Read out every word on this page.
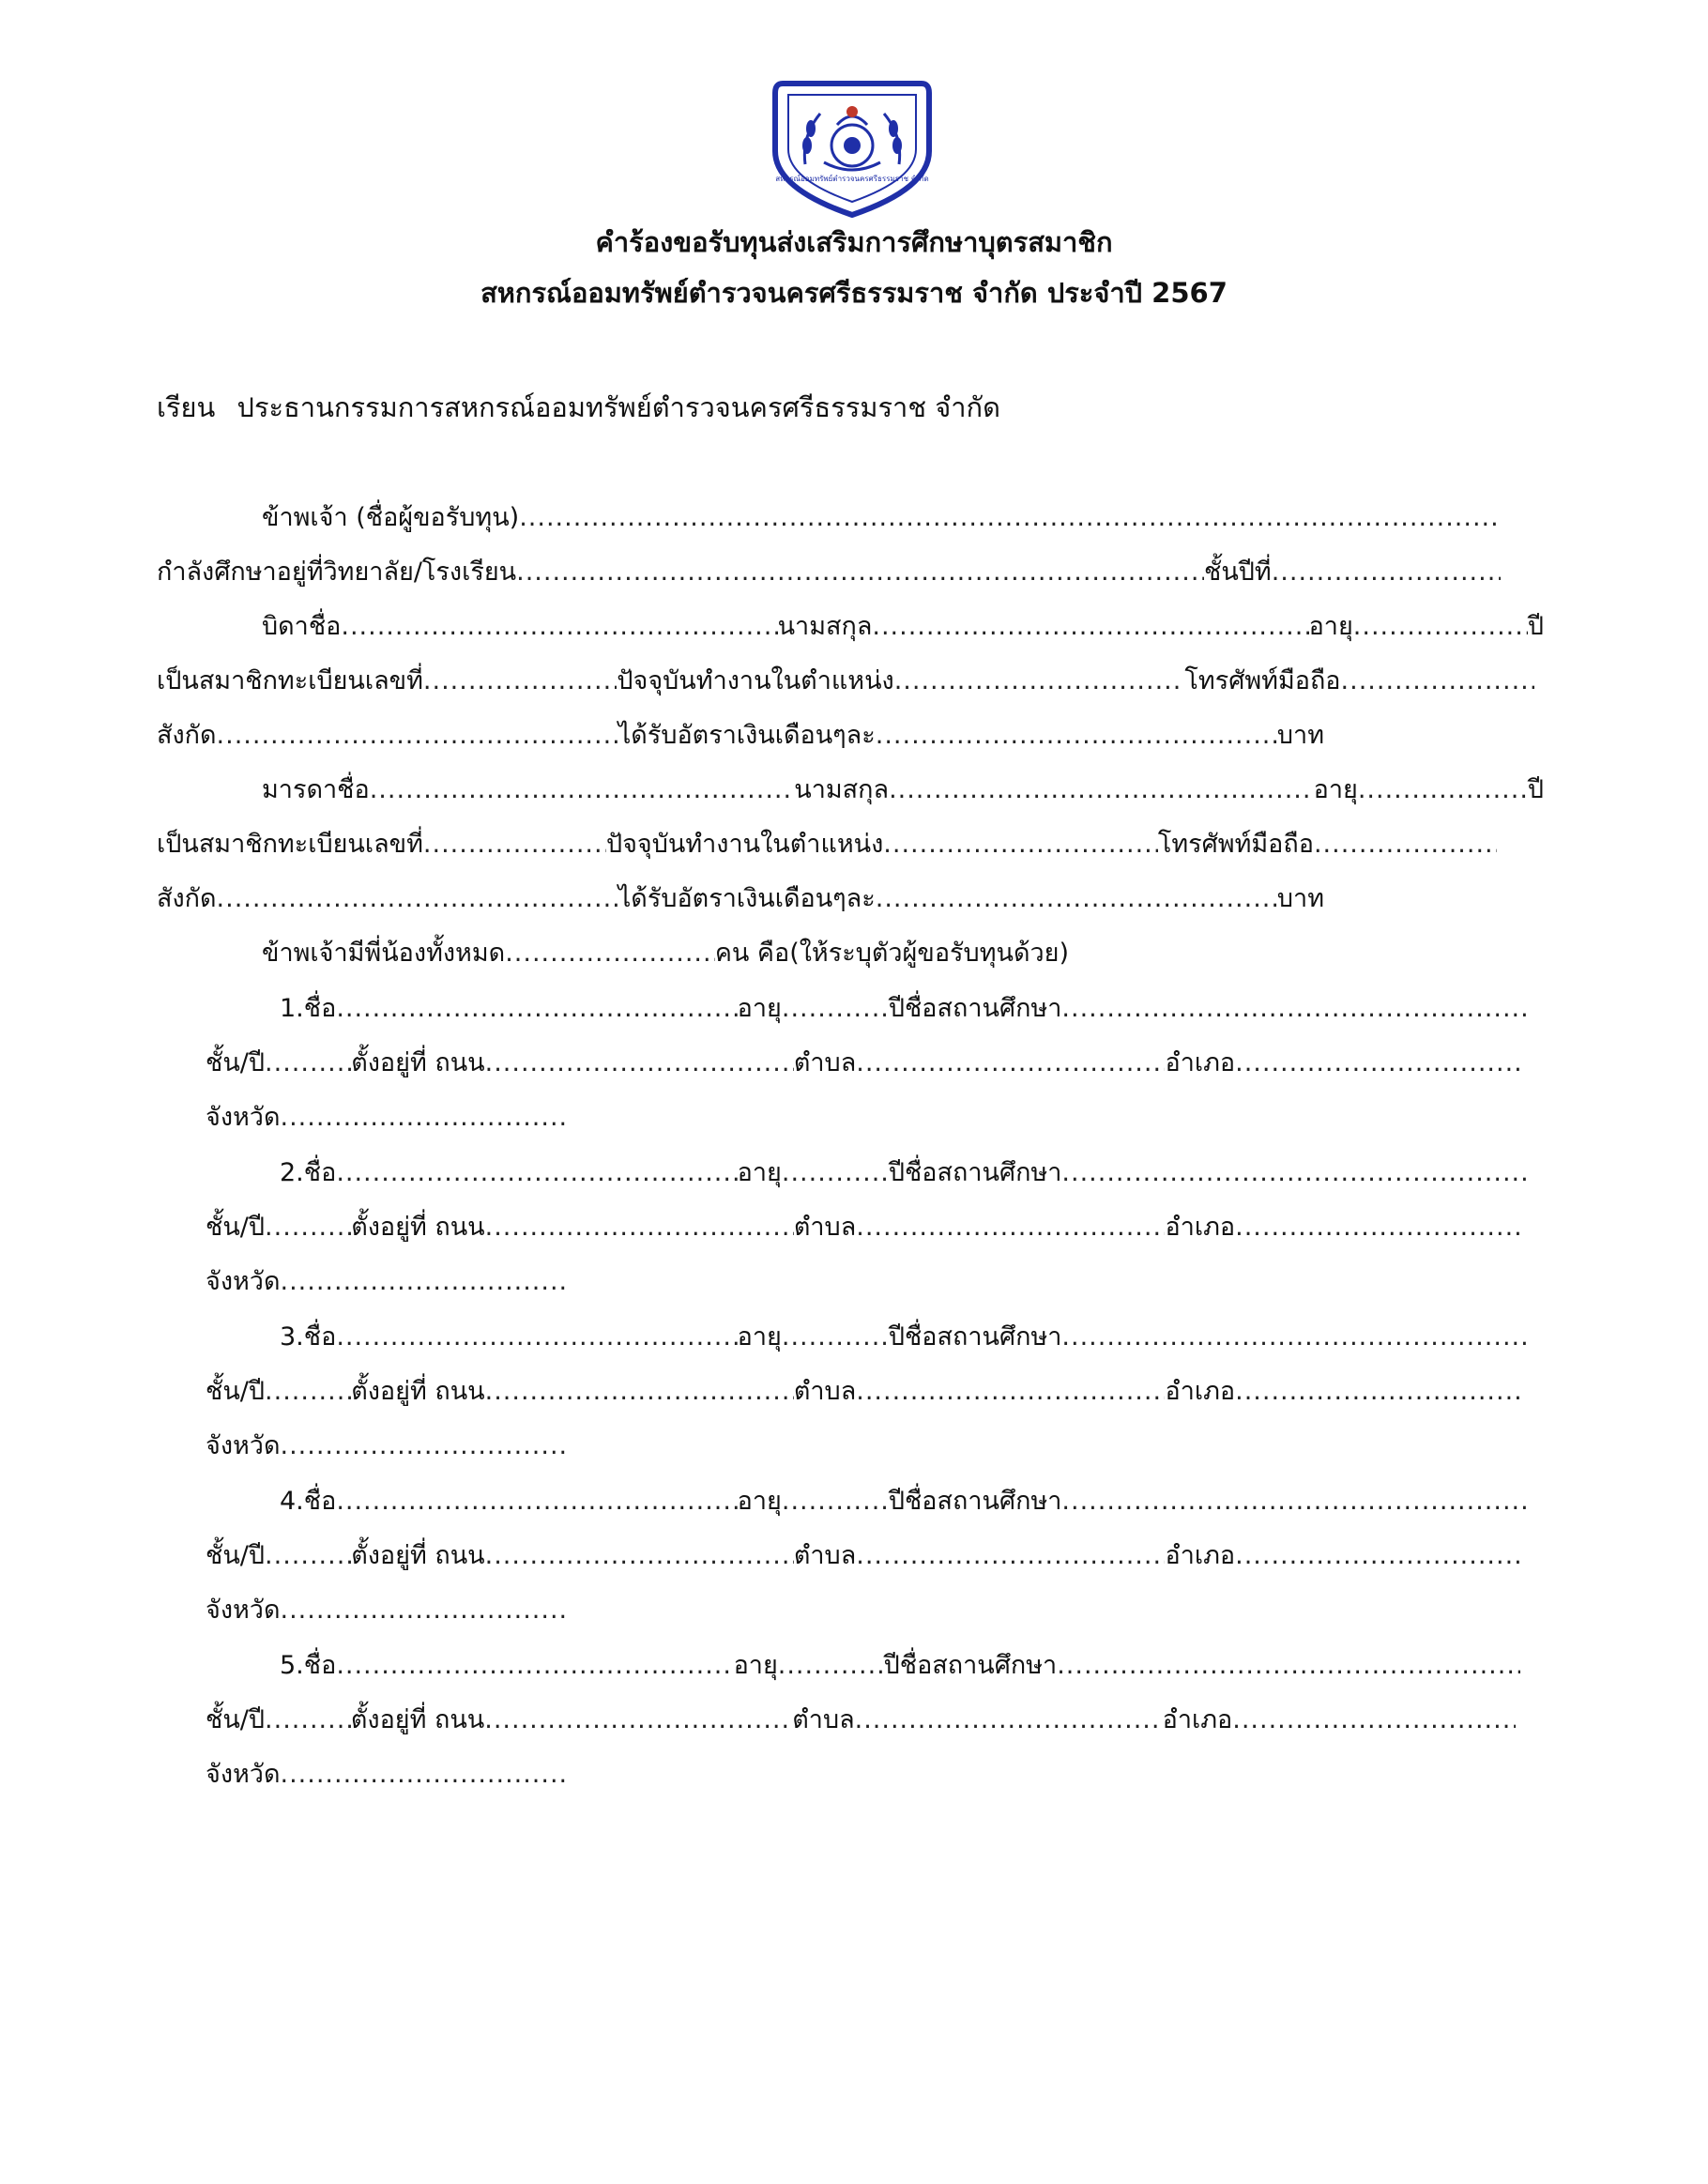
สหกรณ์ออมทรัพย์ตำรวจนครศรีธรรมราช จำกัด
คำร้องขอรับทุนส่งเสริมการศึกษาบุตรสมาชิก
สหกรณ์ออมทรัพย์ตำรวจนครศรีธรรมราช จำกัด ประจำปี 2567
เรียน ประธานกรรมการสหกรณ์ออมทรัพย์ตำรวจนครศรีธรรมราช จำกัด
ข้าพเจ้า (ชื่อผู้ขอรับทุน)
.....
กำลังศึกษาอยู่ที่วิทยาลัย/โรงเรียน .....	ชั้นปีที่
.....
บิดาชื่อ .....	นามสกุล .....	อายุ .....	ปี
เป็นสมาชิกทะเบียนเลขที่ .....	ปัจจุบันทำงานในตำแหน่ง .....	โทรศัพท์มือถือ
.....
สังกัด .....	ได้รับอัตราเงินเดือนๆละ .....	บาท
มารดาชื่อ .....	นามสกุล .....	อายุ .....	ปี
เป็นสมาชิกทะเบียนเลขที่ .....	ปัจจุบันทำงานในตำแหน่ง .....	โทรศัพท์มือถือ
.....
สังกัด .....	ได้รับอัตราเงินเดือนๆละ .....	บาท
ข้าพเจ้ามีพี่น้องทั้งหมด .....	คน คือ(ให้ระบุตัวผู้ขอรับทุนด้วย)
1.ชื่อ .....	อายุ .....	ปีชื่อสถานศึกษา
.....
ชั้น/ปี .....	ตั้งอยู่ที่ ถนน .....	ตำบล .....	อำเภอ
.....
จังหวัด
.....
2.ชื่อ .....	อายุ .....	ปีชื่อสถานศึกษา
.....
ชั้น/ปี .....	ตั้งอยู่ที่ ถนน .....	ตำบล .....	อำเภอ
.....
จังหวัด
.....
3.ชื่อ .....	อายุ .....	ปีชื่อสถานศึกษา
.....
ชั้น/ปี .....	ตั้งอยู่ที่ ถนน .....	ตำบล .....	อำเภอ
.....
จังหวัด
.....
4.ชื่อ .....	อายุ .....	ปีชื่อสถานศึกษา
.....
ชั้น/ปี .....	ตั้งอยู่ที่ ถนน .....	ตำบล .....	อำเภอ
.....
จังหวัด
.....
5.ชื่อ .....	อายุ .....	ปีชื่อสถานศึกษา
.....
ชั้น/ปี .....	ตั้งอยู่ที่ ถนน .....	ตำบล .....	อำเภอ
.....
จังหวัด
.....
